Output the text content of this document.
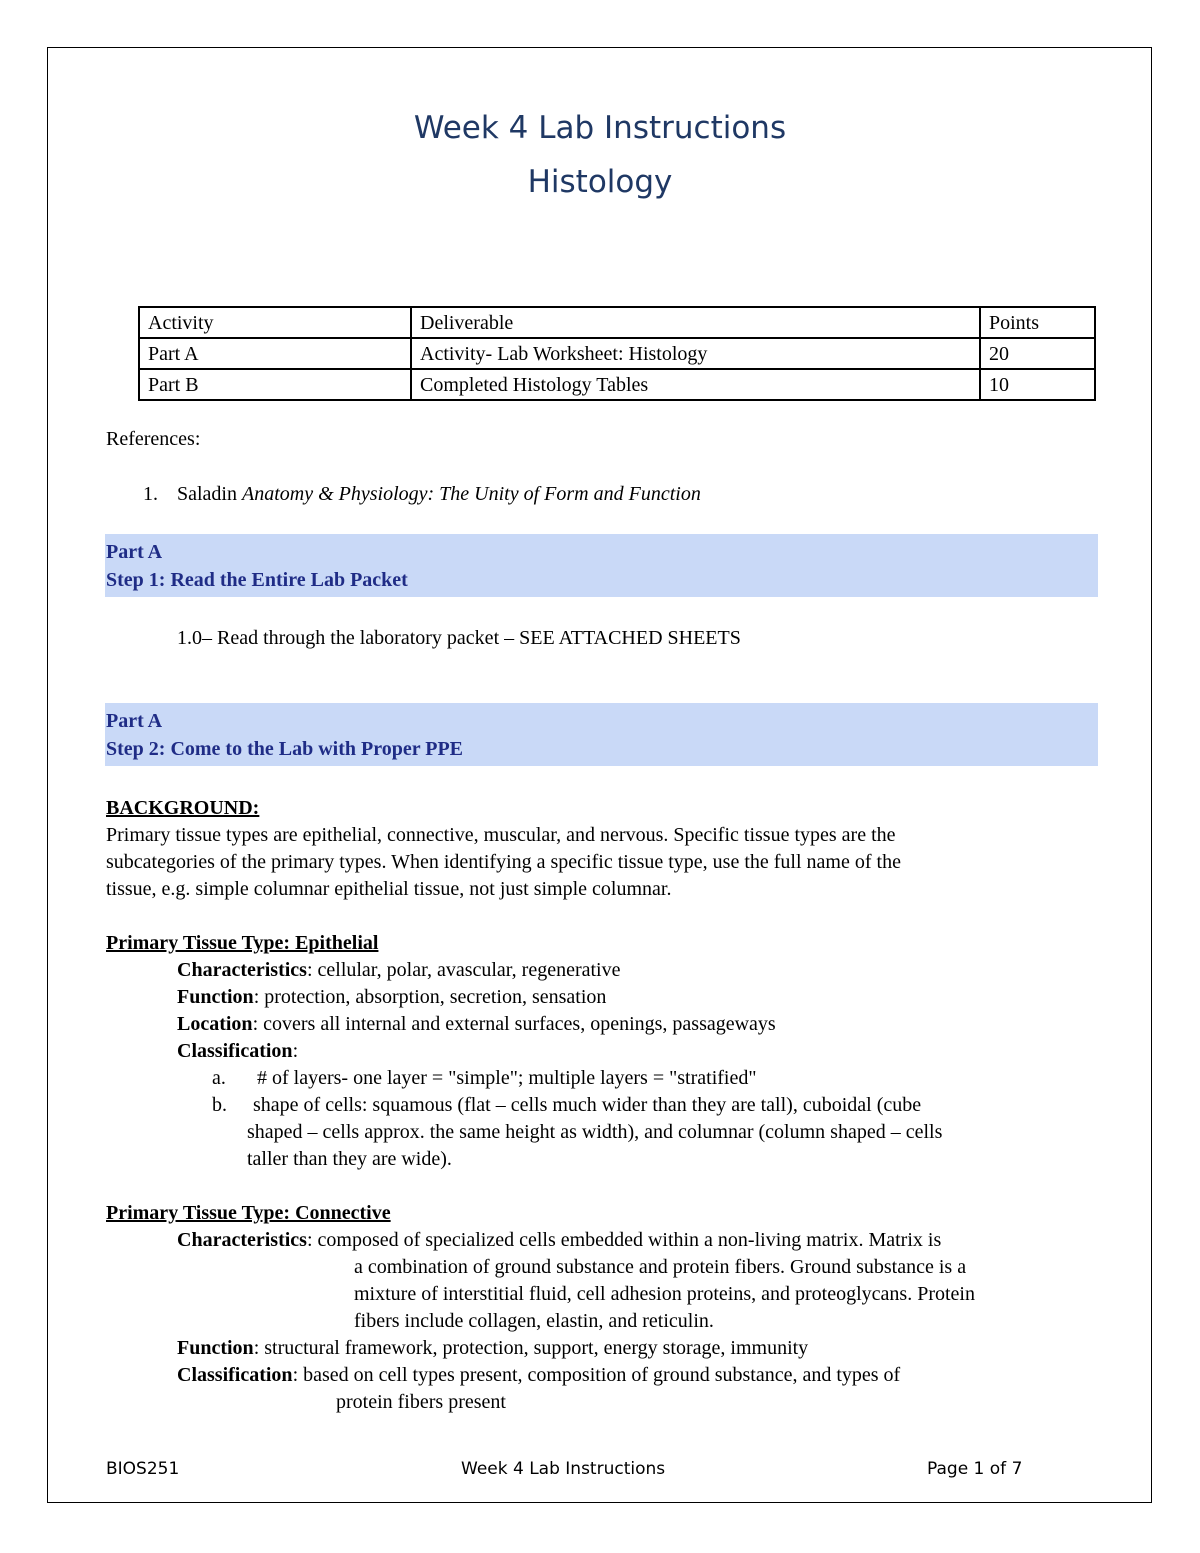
Week 4 Lab Instructions
Histology
Activity	Deliverable	Points
Part A	Activity- Lab Worksheet: Histology	20
Part B	Completed Histology Tables	10
References:
1. Saladin Anatomy & Physiology: The Unity of Form and Function
Part A
Step 1: Read the Entire Lab Packet
1.0– Read through the laboratory packet – SEE ATTACHED SHEETS
Part A
Step 2: Come to the Lab with Proper PPE
BACKGROUND:
Primary tissue types are epithelial, connective, muscular, and nervous. Specific tissue types are the
subcategories of the primary types. When identifying a specific tissue type, use the full name of the
tissue, e.g. simple columnar epithelial tissue, not just simple columnar.
Primary Tissue Type: Epithelial
Characteristics: cellular, polar, avascular, regenerative
Function: protection, absorption, secretion, sensation
Location: covers all internal and external surfaces, openings, passageways
Classification:
a. # of layers- one layer = "simple"; multiple layers = "stratified"
b. shape of cells: squamous (flat – cells much wider than they are tall), cuboidal (cube
shaped – cells approx. the same height as width), and columnar (column shaped – cells
taller than they are wide).
Primary Tissue Type: Connective
Characteristics: composed of specialized cells embedded within a non-living matrix. Matrix is
a combination of ground substance and protein fibers. Ground substance is a
mixture of interstitial fluid, cell adhesion proteins, and proteoglycans. Protein
fibers include collagen, elastin, and reticulin.
Function: structural framework, protection, support, energy storage, immunity
Classification: based on cell types present, composition of ground substance, and types of
protein fibers present
BIOS251	Week 4 Lab Instructions	Page 1 of 7
